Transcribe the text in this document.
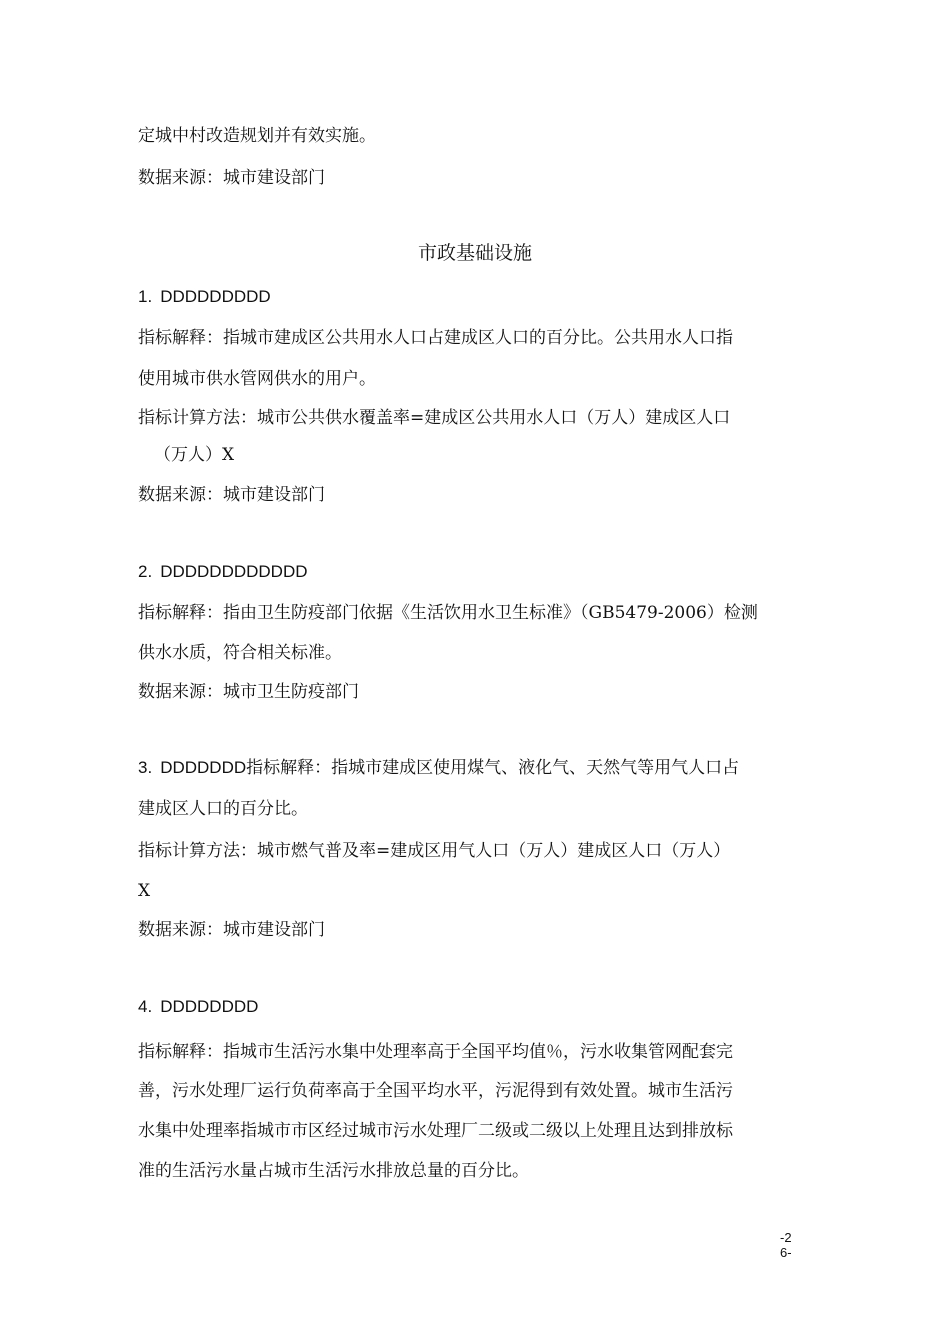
定城中村改造规划并有效实施。
数据来源：城市建设部门
市政基础设施
1. DDDDDDDDD
指标解释：指城市建成区公共用水人口占建成区人口的百分比。公共用水人口指
使用城市供水管网供水的用户。
指标计算方法：城市公共供水覆盖率=建成区公共用水人口（万人）建成区人口
（万人）X
数据来源：城市建设部门
2. DDDDDDDDDDDD
指标解释：指由卫生防疫部门依据《生活饮用水卫生标准》（GB5479-2006）检测
供水水质，符合相关标准。
数据来源：城市卫生防疫部门
3. DDDDDDD指标解释：指城市建成区使用煤气、液化气、天然气等用气人口占
建成区人口的百分比。
指标计算方法：城市燃气普及率=建成区用气人口（万人）建成区人口（万人）
X
数据来源：城市建设部门
4. DDDDDDDD
指标解释：指城市生活污水集中处理率高于全国平均值％，污水收集管网配套完
善，污水处理厂运行负荷率高于全国平均水平，污泥得到有效处置。城市生活污
水集中处理率指城市市区经过城市污水处理厂二级或二级以上处理且达到排放标
准的生活污水量占城市生活污水排放总量的百分比。
-2
6-
